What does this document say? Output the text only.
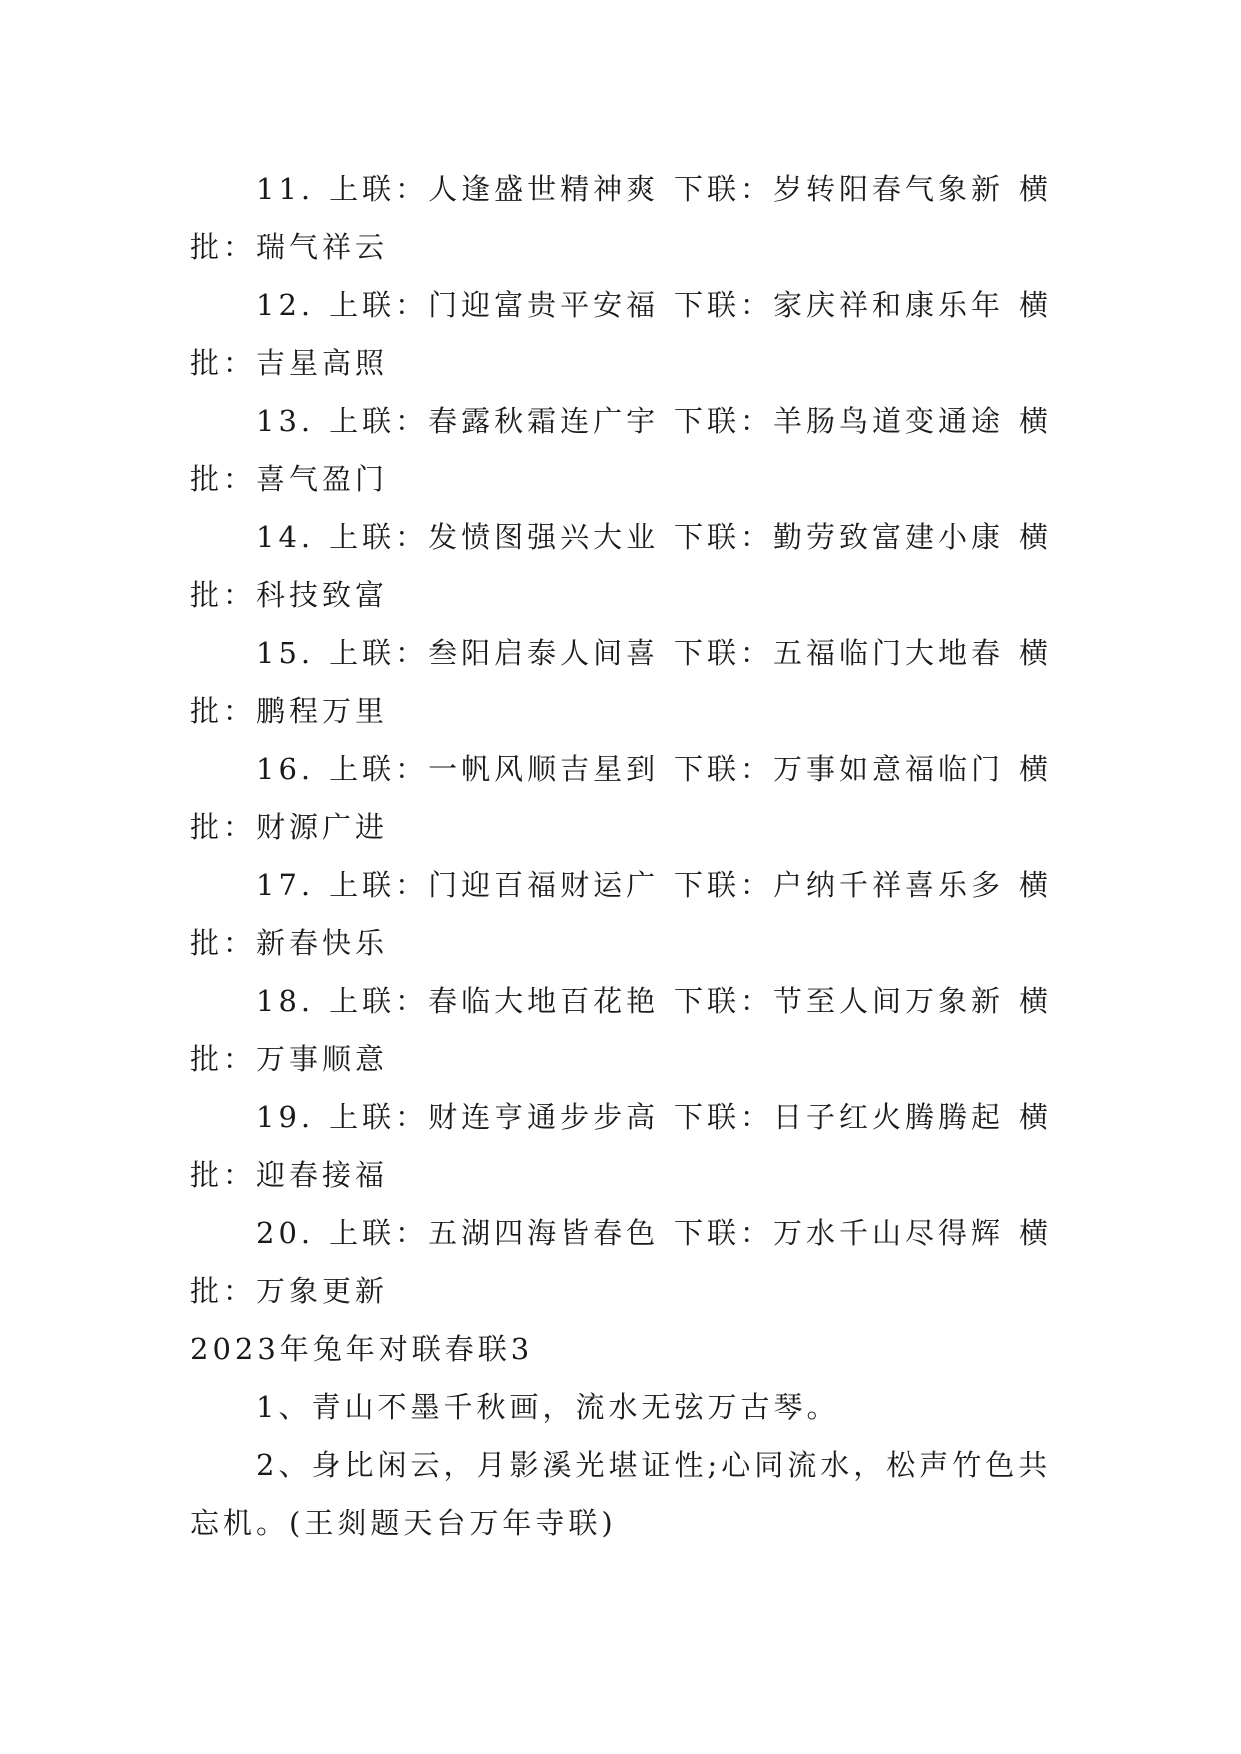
11. 上联：人逢盛世精神爽 下联：岁转阳春气象新 横
批：瑞气祥云
12. 上联：门迎富贵平安福 下联：家庆祥和康乐年 横
批：吉星高照
13. 上联：春露秋霜连广宇 下联：羊肠鸟道变通途 横
批：喜气盈门
14. 上联：发愤图强兴大业 下联：勤劳致富建小康 横
批：科技致富
15. 上联：叁阳启泰人间喜 下联：五福临门大地春 横
批：鹏程万里
16. 上联：一帆风顺吉星到 下联：万事如意福临门 横
批：财源广进
17. 上联：门迎百福财运广 下联：户纳千祥喜乐多 横
批：新春快乐
18. 上联：春临大地百花艳 下联：节至人间万象新 横
批：万事顺意
19. 上联：财连亨通步步高 下联：日子红火腾腾起 横
批：迎春接福
20. 上联：五湖四海皆春色 下联：万水千山尽得辉 横
批：万象更新
2023年兔年对联春联3
1、青山不墨千秋画，流水无弦万古琴。
2、身比闲云，月影溪光堪证性;心同流水，松声竹色共
忘机。(王剡题天台万年寺联)
